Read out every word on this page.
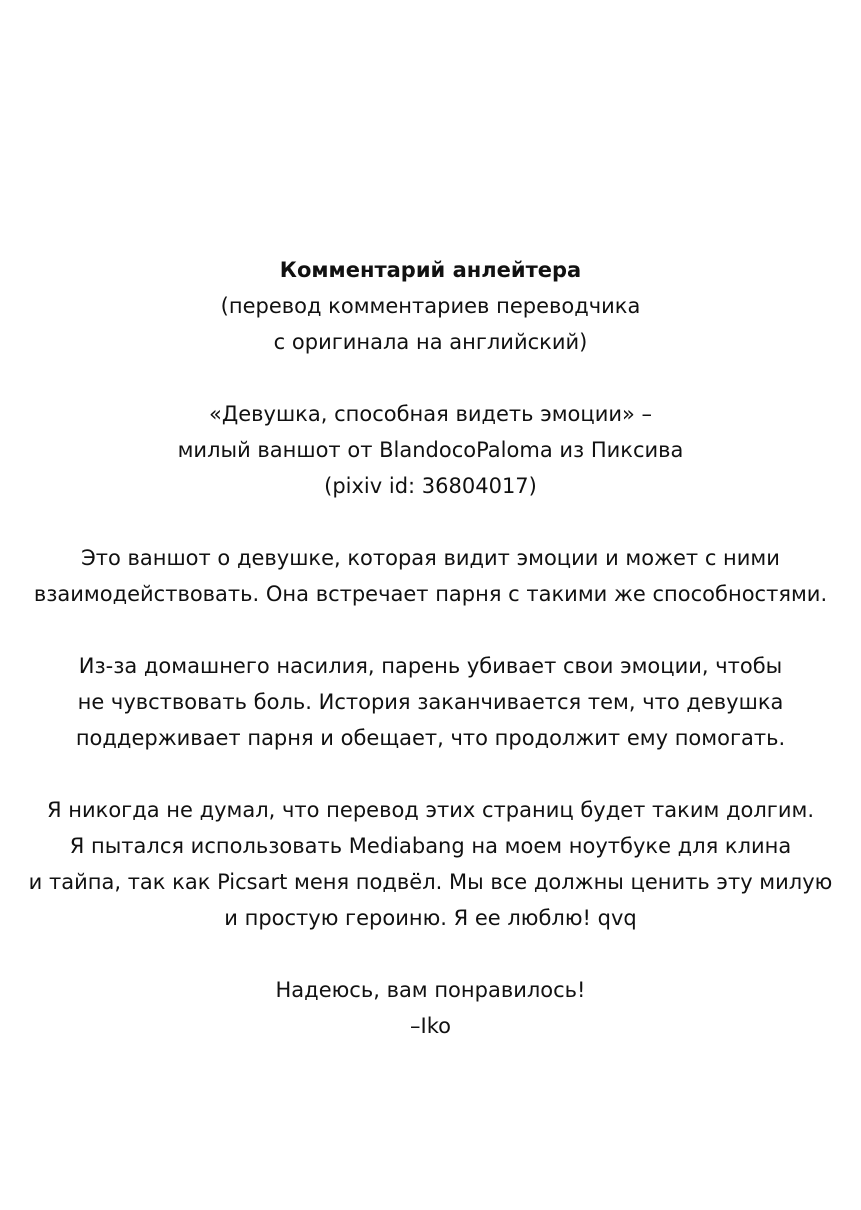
Комментарий анлейтера
(перевод комментариев переводчика
с оригинала на английский)
«Девушка, способная видеть эмоции» –
милый ваншот от BlandocoPaloma из Пиксива
(pixiv id: 36804017)
Это ваншот о девушке, которая видит эмоции и может с ними
взаимодействовать. Она встречает парня с такими же способностями.
Из-за домашнего насилия, парень убивает свои эмоции, чтобы
не чувствовать боль. История заканчивается тем, что девушка
поддерживает парня и обещает, что продолжит ему помогать.
Я никогда не думал, что перевод этих страниц будет таким долгим.
Я пытался использовать Mediabang на моем ноутбуке для клина
и тайпа, так как Picsart меня подвёл. Мы все должны ценить эту милую
и простую героиню. Я ее люблю! qvq
Надеюсь, вам понравилось!
–Iko
